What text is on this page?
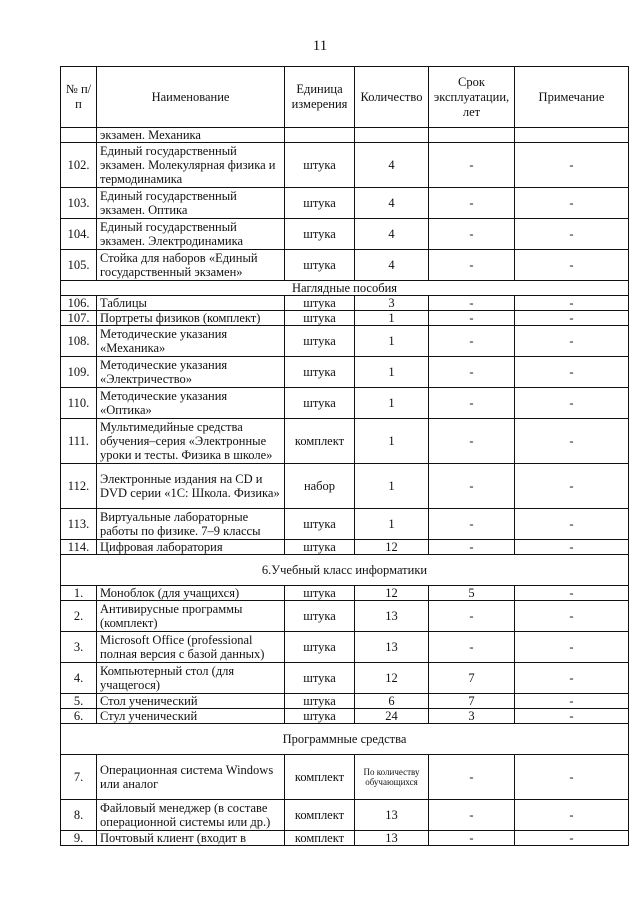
11
№ п/п	Наименование	Единица измерения	Количество	Срок эксплуатации, лет	Примечание
	экзамен. Механика				
102.	Единый государственный экзамен. Молекулярная физика и термодинамика	штука	4	-	-
103.	Единый государственный экзамен. Оптика	штука	4	-	-
104.	Единый государственный экзамен. Электродинамика	штука	4	-	-
105.	Стойка для наборов «Единый государственный экзамен»	штука	4	-	-
Наглядные пособия					
106.	Таблицы	штука	3	-	-
107.	Портреты физиков (комплект)	штука	1	-	-
108.	Методические указания «Механика»	штука	1	-	-
109.	Методические указания «Электричество»	штука	1	-	-
110.	Методические указания «Оптика»	штука	1	-	-
111.	Мультимедийные средства обучения–серия «Электронные уроки и тесты. Физика в школе»	комплект	1	-	-
112.	Электронные издания на CD и DVD серии «1С: Школа. Физика»	набор	1	-	-
113.	Виртуальные лабораторные работы по физике. 7–9 классы	штука	1	-	-
114.	Цифровая лаборатория	штука	12	-	-
6.Учебный класс информатики					
1.	Моноблок (для учащихся)	штука	12	5	-
2.	Антивирусные программы (комплект)	штука	13	-	-
3.	Microsoft Office (professional полная версия с базой данных)	штука	13	-	-
4.	Компьютерный стол (для учащегося)	штука	12	7	-
5.	Стол ученический	штука	6	7	-
6.	Стул ученический	штука	24	3	-
Программные средства					
7.	Операционная система Windows или аналог	комплект	По количеству обучающихся	-	-
8.	Файловый менеджер (в составе операционной системы или др.)	комплект	13	-	-
9.	Почтовый клиент (входит в	комплект	13	-	-
